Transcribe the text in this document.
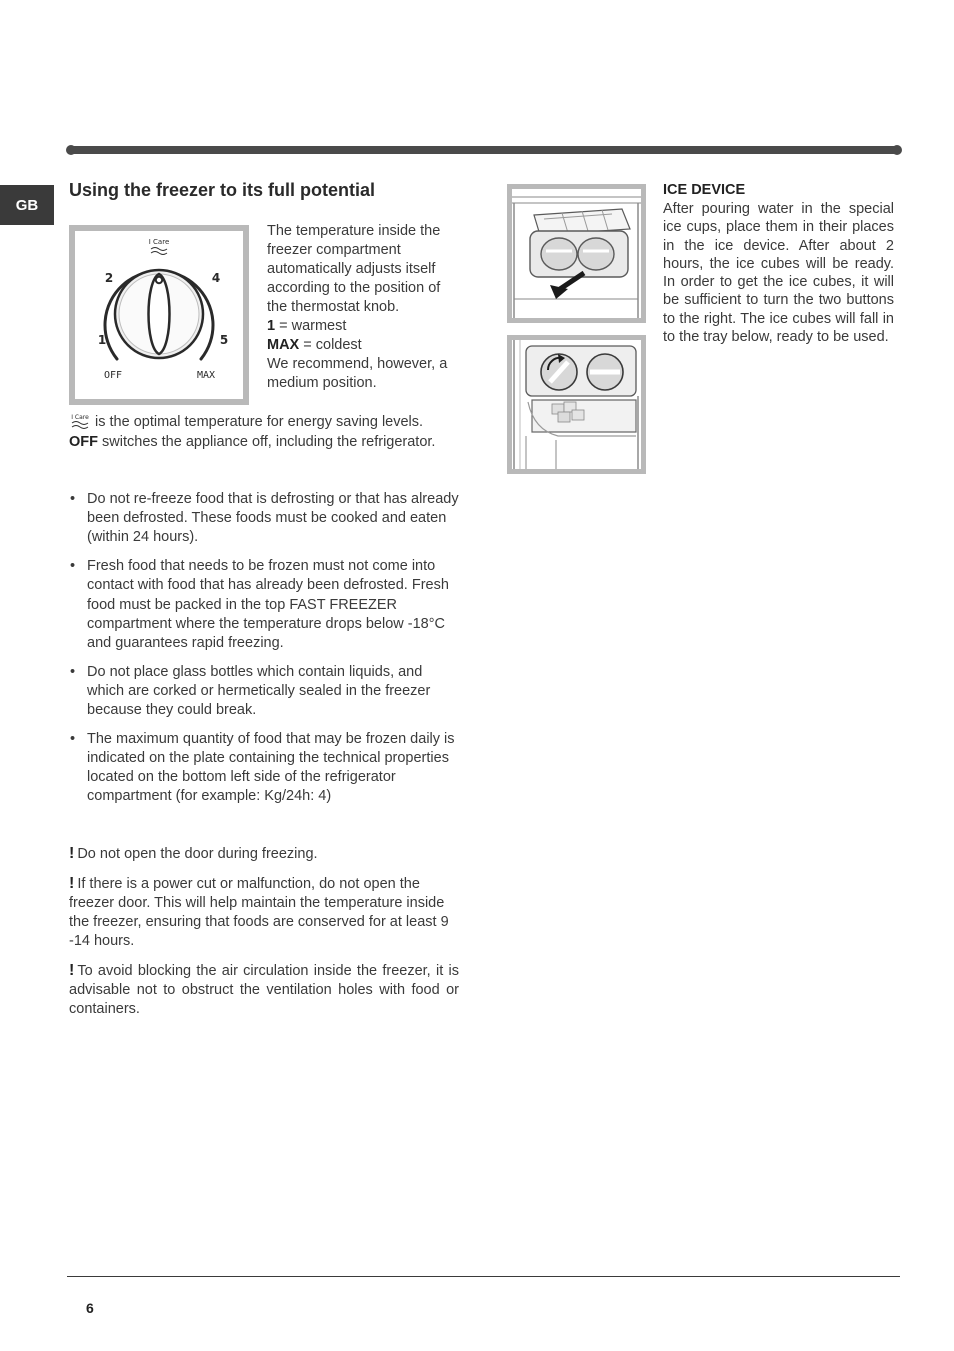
GB
Using the freezer to its full potential
I Care
2	4
1	5
OFF	MAX
The temperature inside the freezer compartment automatically adjusts itself according to the position of the thermostat knob.
1 = warmest
MAX = coldest
We recommend, however, a medium position.
I Care is the optimal temperature for energy saving levels.
OFF switches the appliance off, including the refrigerator.
• Do not re-freeze food that is defrosting or that has already been defrosted. These foods must be cooked and eaten (within 24 hours).
• Fresh food that needs to be frozen must not come into contact with food that has already been defrosted. Fresh food must be packed in the top FAST FREEZER compartment where the temperature drops below -18°C and guarantees rapid freezing.
• Do not place glass bottles which contain liquids, and which are corked or hermetically sealed in the freezer because they could break.
• The maximum quantity of food that may be frozen daily is indicated on the plate containing the technical properties located on the bottom left side of the refrigerator compartment (for example: Kg/24h: 4)

! Do not open the door during freezing.

! If there is a power cut or malfunction, do not open the freezer door. This will help maintain the temperature inside the freezer, ensuring that foods are conserved for at least 9 -14 hours.

! To avoid blocking the air circulation inside the freezer, it is advisable not to obstruct the ventilation holes with food or containers.

ICE DEVICE
After pouring water in the special ice cups, place them in their places in the ice device. After about 2 hours, the ice cubes will be ready. In order to get the ice cubes, it will be sufficient to turn the two buttons to the right. The ice cubes will fall in to the tray below, ready to be used.
6
